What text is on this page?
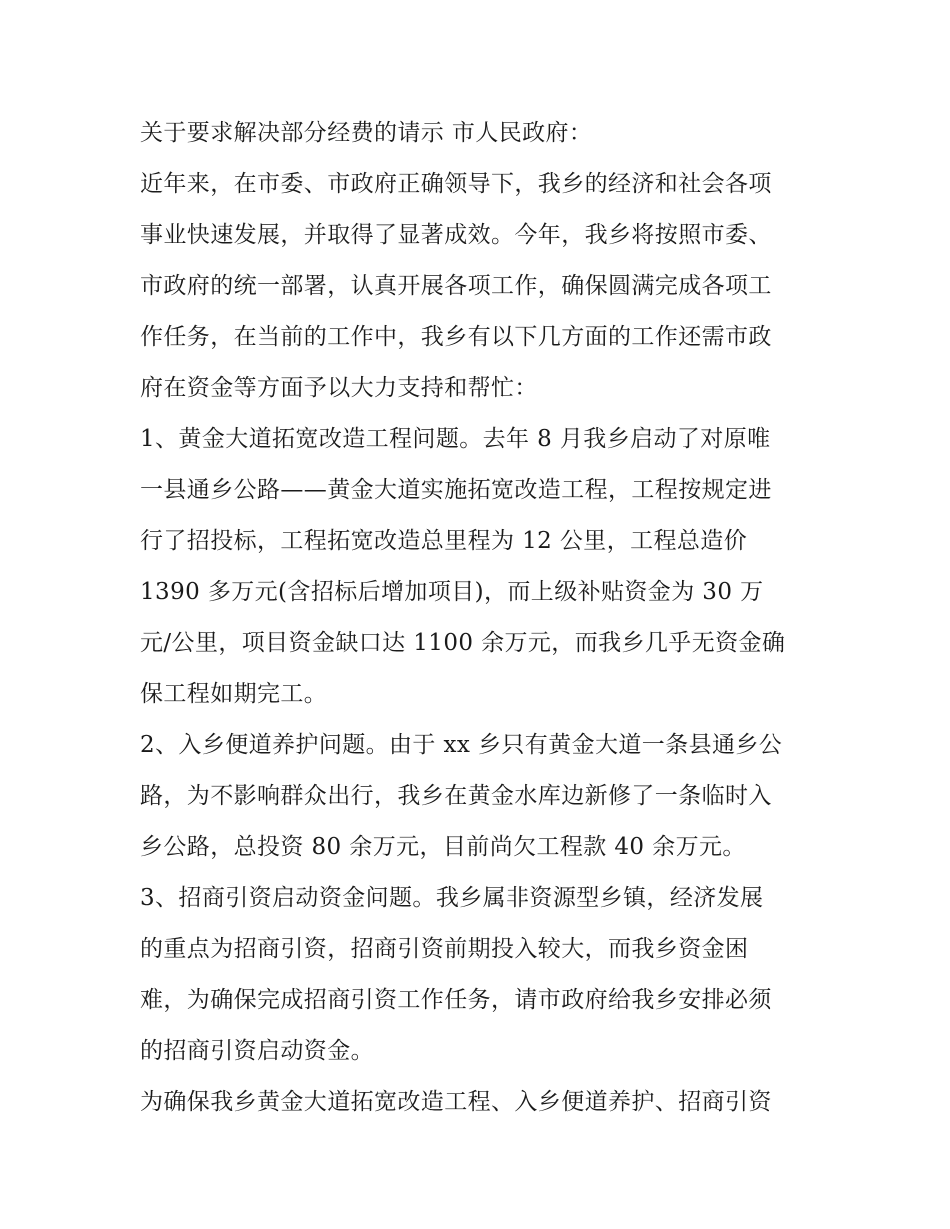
关于要求解决部分经费的请示 市人民政府：
近年来，在市委、市政府正确领导下，我乡的经济和社会各项
事业快速发展，并取得了显著成效。今年，我乡将按照市委、
市政府的统一部署，认真开展各项工作，确保圆满完成各项工
作任务，在当前的工作中，我乡有以下几方面的工作还需市政
府在资金等方面予以大力支持和帮忙：
1、黄金大道拓宽改造工程问题。去年 8 月我乡启动了对原唯
一县通乡公路——黄金大道实施拓宽改造工程，工程按规定进
行了招投标，工程拓宽改造总里程为 12 公里，工程总造价
1390 多万元(含招标后增加项目)，而上级补贴资金为 30 万
元/公里，项目资金缺口达 1100 余万元，而我乡几乎无资金确
保工程如期完工。
2、入乡便道养护问题。由于 xx 乡只有黄金大道一条县通乡公
路，为不影响群众出行，我乡在黄金水库边新修了一条临时入
乡公路，总投资 80 余万元，目前尚欠工程款 40 余万元。
3、招商引资启动资金问题。我乡属非资源型乡镇，经济发展
的重点为招商引资，招商引资前期投入较大，而我乡资金困
难，为确保完成招商引资工作任务，请市政府给我乡安排必须
的招商引资启动资金。
为确保我乡黄金大道拓宽改造工程、入乡便道养护、招商引资
